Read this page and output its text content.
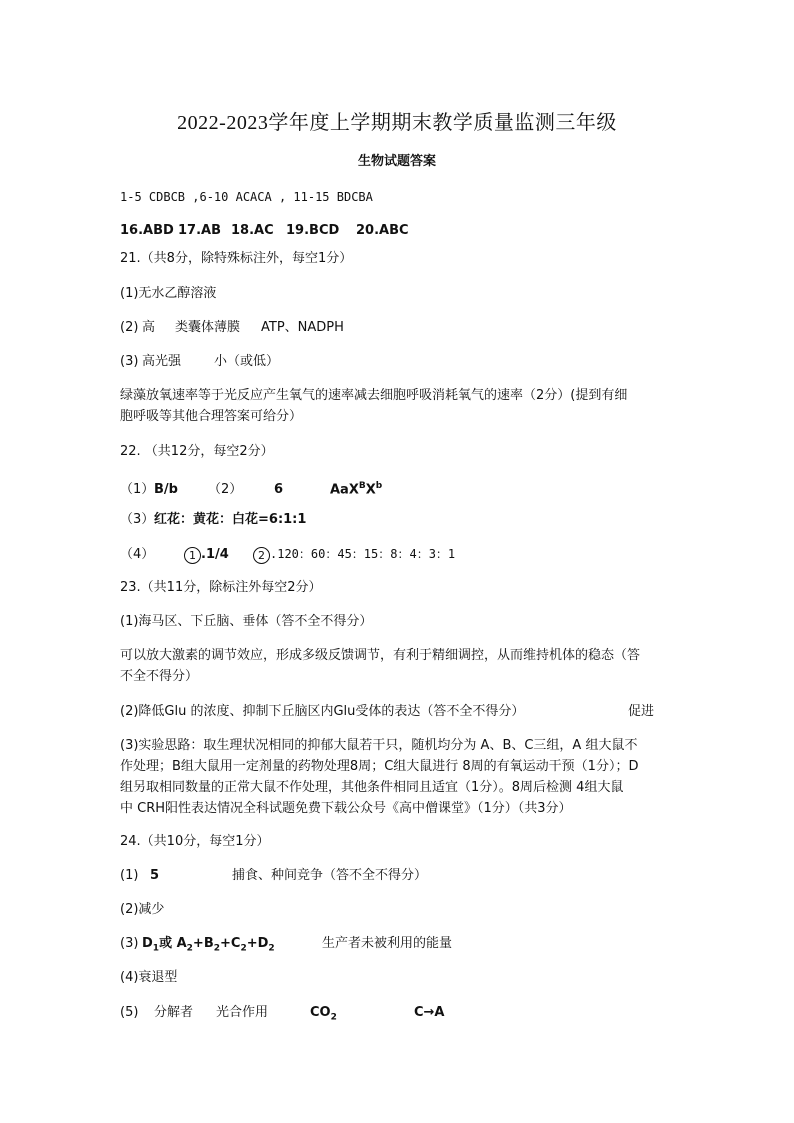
2022-2023学年度上学期期末教学质量监测三年级
生物试题答案
1-5 CDBCB ,6-10 ACACA , 11-15 BDCBA
16.ABD 17.AB 18.AC 19.BCD 20.ABC
21.（共8分，除特殊标注外，每空1分）
(1)无水乙醇溶液
(2) 高 类囊体薄膜 ATP、NADPH
(3) 高光强	小（或低）
绿藻放氧速率等于光反应产生氧气的速率减去细胞呼吸消耗氧气的速率（2分）(提到有细
胞呼吸等其他合理答案可给分）
22. （共12分，每空2分）
（1）B/b （2） 6	$AaX^BX^b$
（3）红花：黄花：白花=6:1:1
（4）	1 .1/4	2 .120：60：45：15：8：4：3：1
23.（共11分，除标注外每空2分）
(1)海马区、下丘脑、垂体（答不全不得分）
可以放大激素的调节效应，形成多级反馈调节，有利于精细调控，从而维持机体的稳态（答
不全不得分）
(2)降低Glu 的浓度、抑制下丘脑区内Glu受体的表达（答不全不得分）	促进
(3)实验思路：取生理状况相同的抑郁大鼠若干只，随机均分为 A、B、C三组，A 组大鼠不
作处理；B组大鼠用一定剂量的药物处理8周；C组大鼠进行 8周的有氧运动干预（1分）；D
组另取相同数量的正常大鼠不作处理，其他条件相同且适宜（1分）。8周后检测 4组大鼠
中 CRH阳性表达情况全科试题免费下载公众号《高中僧课堂》（1分）（共3分）
24.（共10分，每空1分）
(1) 5	捕食、种间竞争（答不全不得分）
(2)减少
(3) $D_1$或 $A_2+B_2+C_2+D_2$	生产者未被利用的能量
(4)衰退型
(5) 分解者 光合作用	$CO_2$	C→A
